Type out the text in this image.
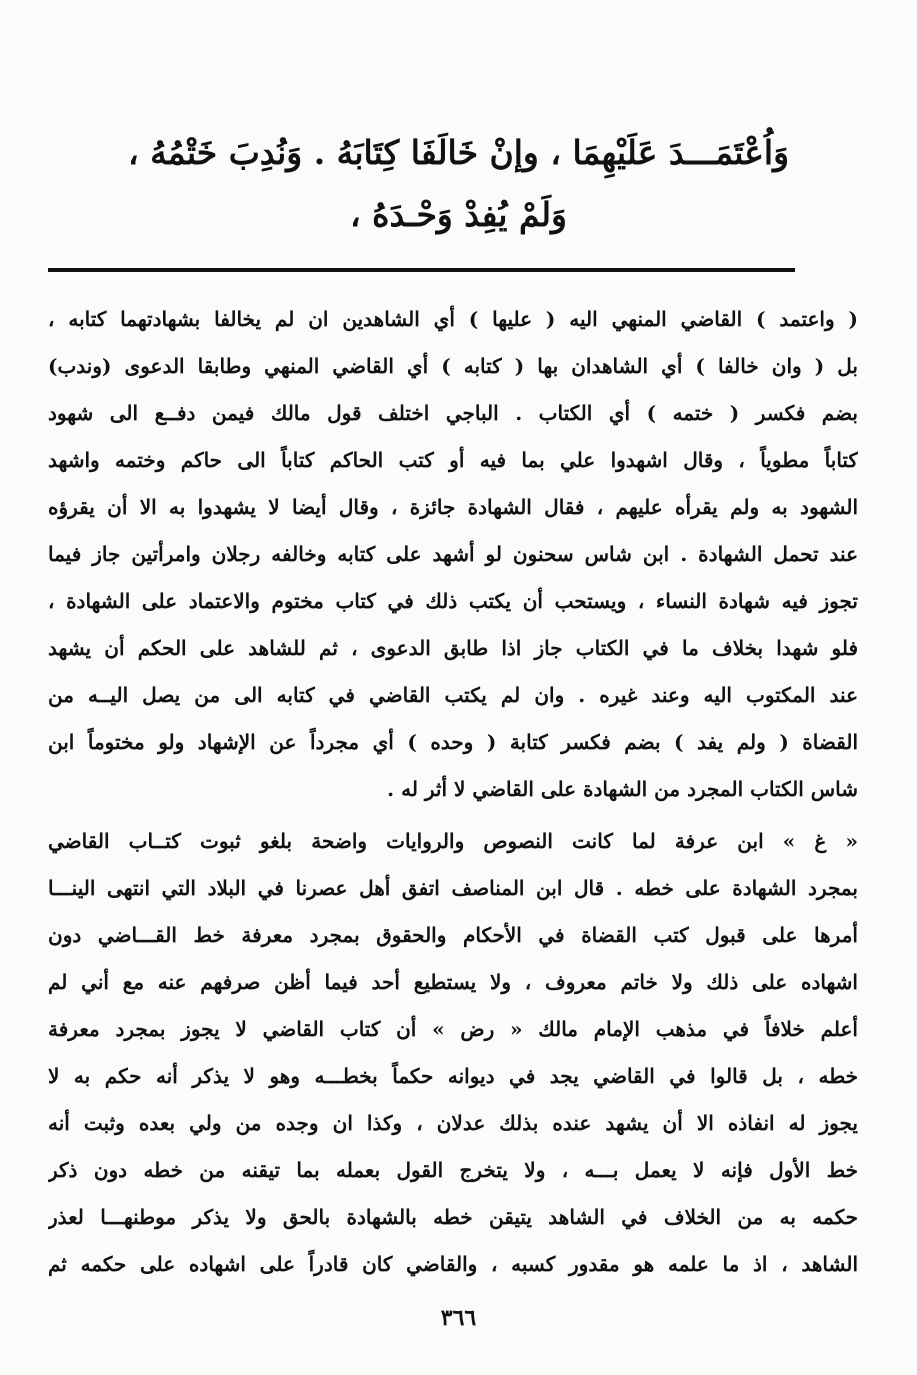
وَاُعْتَمَـــدَ عَلَيْهِمَا ، وإنْ خَالَفَا كِتَابَهُ . وَنُدِبَ خَتْمُهُ ،
وَلَمْ يُفِدْ وَحْـدَهُ ،
( واعتمد ) القاضي المنهي اليه ( عليها ) أي الشاهدين ان لم يخالفا بشهادتهما كتابه ،
بل ( وان خالفا ) أي الشاهدان بها ( كتابه ) أي القاضي المنهي وطابقا الدعوى (وندب)
بضم فكسر ( ختمه ) أي الكتاب . الباجي اختلف قول مالك فيمن دفــع الى شهود
كتاباً مطوياً ، وقال اشهدوا علي بما فيه أو كتب الحاكم كتاباً الى حاكم وختمه واشهد
الشهود به ولم يقرأه عليهم ، فقال الشهادة جائزة ، وقال أيضا لا يشهدوا به الا أن يقرؤه
عند تحمل الشهادة . ابن شاس سحنون لو أشهد على كتابه وخالفه رجلان وامرأتين جاز فيما
تجوز فيه شهادة النساء ، ويستحب أن يكتب ذلك في كتاب مختوم والاعتماد على الشهادة ،
فلو شهدا بخلاف ما في الكتاب جاز اذا طابق الدعوى ، ثم للشاهد على الحكم أن يشهد
عند المكتوب اليه وعند غيره . وان لم يكتب القاضي في كتابه الى من يصل اليــه من
القضاة ( ولم يفد ) بضم فكسر كتابة ( وحده ) أي مجرداً عن الإشهاد ولو مختوماً ابن
شاس الكتاب المجرد من الشهادة على القاضي لا أثر له .
« غ » ابن عرفة لما كانت النصوص والروايات واضحة بلغو ثبوت كتــاب القاضي
بمجرد الشهادة على خطه . قال ابن المناصف اتفق أهل عصرنا في البلاد التي انتهى الينـــا
أمرها على قبول كتب القضاة في الأحكام والحقوق بمجرد معرفة خط القـــاضي دون
اشهاده على ذلك ولا خاتم معروف ، ولا يستطيع أحد فيما أظن صرفهم عنه مع أني لم
أعلم خلافاً في مذهب الإمام مالك « رض » أن كتاب القاضي لا يجوز بمجرد معرفة
خطه ، بل قالوا في القاضي يجد في ديوانه حكماً بخطـــه وهو لا يذكر أنه حكم به لا
يجوز له انفاذه الا أن يشهد عنده بذلك عدلان ، وكذا ان وجده من ولي بعده وثبت أنه
خط الأول فإنه لا يعمل بـــه ، ولا يتخرج القول بعمله بما تيقنه من خطه دون ذكر
حكمه به من الخلاف في الشاهد يتيقن خطه بالشهادة بالحق ولا يذكر موطنهـــا لعذر
الشاهد ، اذ ما علمه هو مقدور كسبه ، والقاضي كان قادراً على اشهاده على حكمه ثم
٣٦٦
